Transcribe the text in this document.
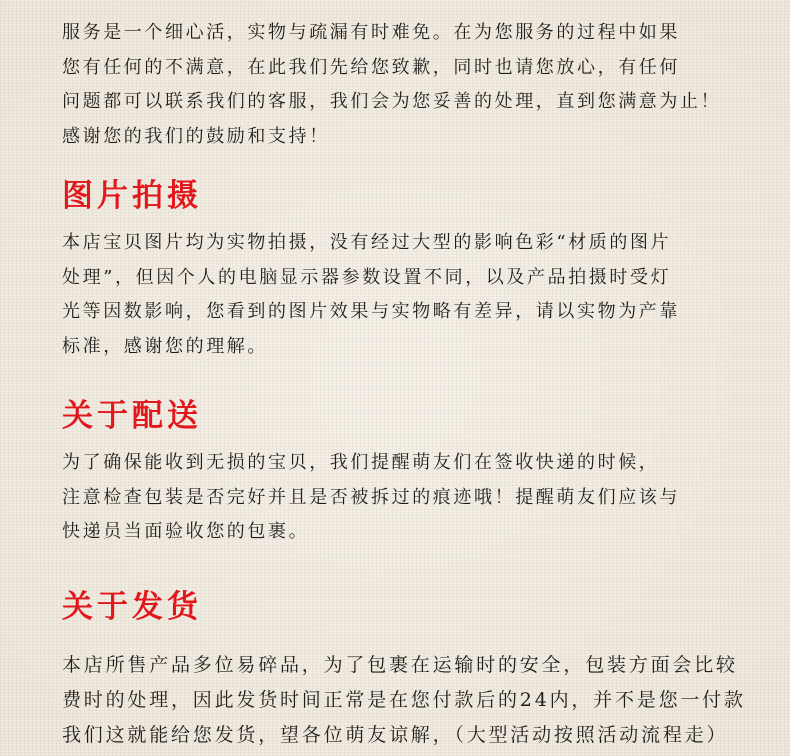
服务是一个细心活，实物与疏漏有时难免。在为您服务的过程中如果
您有任何的不满意，在此我们先给您致歉，同时也请您放心，有任何
问题都可以联系我们的客服，我们会为您妥善的处理，直到您满意为止！
感谢您的我们的鼓励和支持！
图片拍摄
本店宝贝图片均为实物拍摄，没有经过大型的影响色彩“材质的图片
处理”，但因个人的电脑显示器参数设置不同，以及产品拍摄时受灯
光等因数影响，您看到的图片效果与实物略有差异，请以实物为产靠
标准，感谢您的理解。
关于配送
为了确保能收到无损的宝贝，我们提醒萌友们在签收快递的时候，
注意检查包装是否完好并且是否被拆过的痕迹哦！提醒萌友们应该与
快递员当面验收您的包裹。
关于发货
本店所售产品多位易碎品，为了包裹在运输时的安全，包装方面会比较
费时的处理，因此发货时间正常是在您付款后的24内，并不是您一付款
我们这就能给您发货，望各位萌友谅解，（大型活动按照活动流程走）
